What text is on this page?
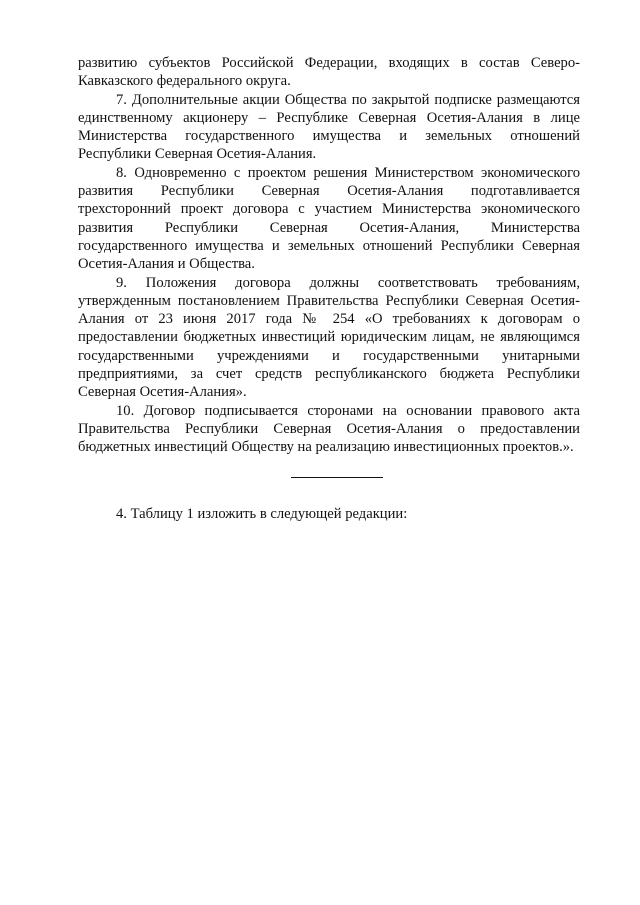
развитию субъектов Российской Федерации, входящих в состав Северо-Кавказского федерального округа.

7. Дополнительные акции Общества по закрытой подписке размещаются единственному акционеру – Республике Северная Осетия-Алания в лице Министерства государственного имущества и земельных отношений Республики Северная Осетия-Алания.

8. Одновременно с проектом решения Министерством экономического развития Республики Северная Осетия-Алания подготавливается трехсторонний проект договора с участием Министерства экономического развития Республики Северная Осетия-Алания, Министерства государственного имущества и земельных отношений Республики Северная Осетия-Алания и Общества.

9. Положения договора должны соответствовать требованиям, утвержденным постановлением Правительства Республики Северная Осетия-Алания от 23 июня 2017 года № 254 «О требованиях к договорам о предоставлении бюджетных инвестиций юридическим лицам, не являющимся государственными учреждениями и государственными унитарными предприятиями, за счет средств республиканского бюджета Республики Северная Осетия-Алания».

10. Договор подписывается сторонами на основании правового акта Правительства Республики Северная Осетия-Алания о предоставлении бюджетных инвестиций Обществу на реализацию инвестиционных проектов.».

4. Таблицу 1 изложить в следующей редакции:
